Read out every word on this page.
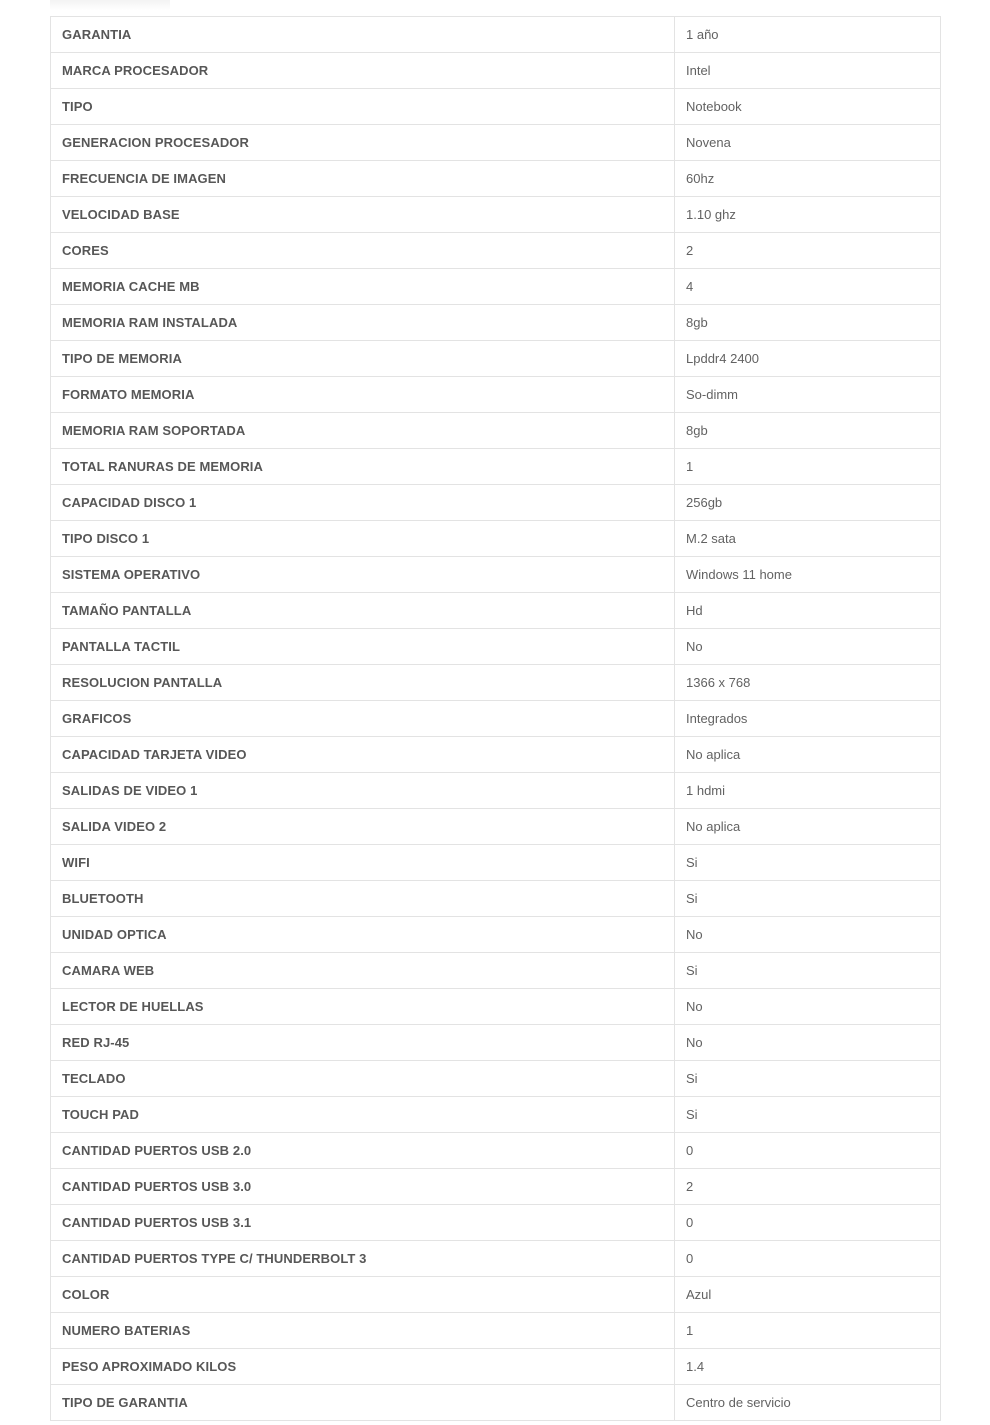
GARANTIA	1 año
MARCA PROCESADOR	Intel
TIPO	Notebook
GENERACION PROCESADOR	Novena
FRECUENCIA DE IMAGEN	60hz
VELOCIDAD BASE	1.10 ghz
CORES	2
MEMORIA CACHE MB	4
MEMORIA RAM INSTALADA	8gb
TIPO DE MEMORIA	Lpddr4 2400
FORMATO MEMORIA	So-dimm
MEMORIA RAM SOPORTADA	8gb
TOTAL RANURAS DE MEMORIA	1
CAPACIDAD DISCO 1	256gb
TIPO DISCO 1	M.2 sata
SISTEMA OPERATIVO	Windows 11 home
TAMAÑO PANTALLA	Hd
PANTALLA TACTIL	No
RESOLUCION PANTALLA	1366 x 768
GRAFICOS	Integrados
CAPACIDAD TARJETA VIDEO	No aplica
SALIDAS DE VIDEO 1	1 hdmi
SALIDA VIDEO 2	No aplica
WIFI	Si
BLUETOOTH	Si
UNIDAD OPTICA	No
CAMARA WEB	Si
LECTOR DE HUELLAS	No
RED RJ-45	No
TECLADO	Si
TOUCH PAD	Si
CANTIDAD PUERTOS USB 2.0	0
CANTIDAD PUERTOS USB 3.0	2
CANTIDAD PUERTOS USB 3.1	0
CANTIDAD PUERTOS TYPE C/ THUNDERBOLT 3	0
COLOR	Azul
NUMERO BATERIAS	1
PESO APROXIMADO KILOS	1.4
TIPO DE GARANTIA	Centro de servicio
